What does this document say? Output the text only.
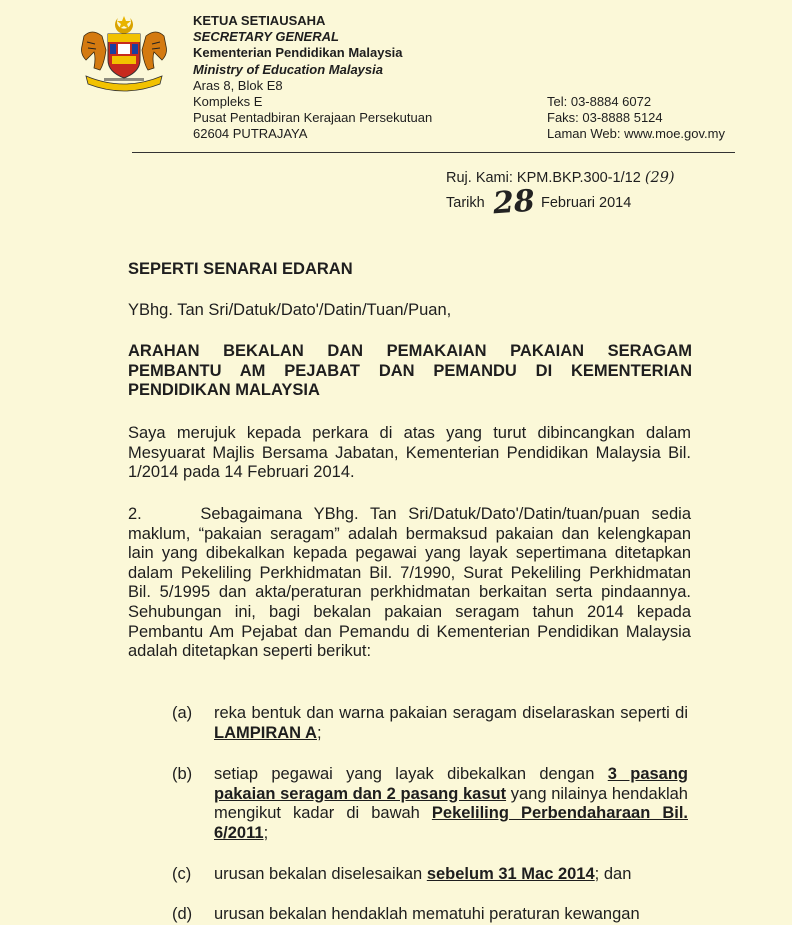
KETUA SETIAUSAHA
SECRETARY GENERAL
Kementerian Pendidikan Malaysia
Ministry of Education Malaysia
Aras 8, Blok E8
Kompleks E
Pusat Pentadbiran Kerajaan Persekutuan
62604 PUTRAJAYA
Tel: 03-8884 6072
Faks: 03-8888 5124
Laman Web: www.moe.gov.my
Ruj. Kami: KPM.BKP.300-1/12 (29)
Tarikh	Februari 2014
28
SEPERTI SENARAI EDARAN
YBhg. Tan Sri/Datuk/Dato'/Datin/Tuan/Puan,
ARAHAN BEKALAN DAN PEMAKAIAN PAKAIAN SERAGAM PEMBANTU AM PEJABAT DAN PEMANDU DI KEMENTERIAN PENDIDIKAN MALAYSIA
Saya merujuk kepada perkara di atas yang turut dibincangkan dalam Mesyuarat Majlis Bersama Jabatan, Kementerian Pendidikan Malaysia Bil. 1/2014 pada 14 Februari 2014.
2.     Sebagaimana YBhg. Tan Sri/Datuk/Dato'/Datin/tuan/puan sedia maklum, “pakaian seragam” adalah bermaksud pakaian dan kelengkapan lain yang dibekalkan kepada pegawai yang layak sepertimana ditetapkan dalam Pekeliling Perkhidmatan Bil. 7/1990, Surat Pekeliling Perkhidmatan Bil. 5/1995 dan akta/peraturan perkhidmatan berkaitan serta pindaannya. Sehubungan ini, bagi bekalan pakaian seragam tahun 2014 kepada Pembantu Am Pejabat dan Pemandu di Kementerian Pendidikan Malaysia adalah ditetapkan seperti berikut:
(a)	reka bentuk dan warna pakaian seragam diselaraskan seperti di LAMPIRAN A;
(b)	setiap pegawai yang layak dibekalkan dengan 3 pasang pakaian seragam dan 2 pasang kasut yang nilainya hendaklah mengikut kadar di bawah Pekeliling Perbendaharaan Bil. 6/2011;
(c)	urusan bekalan diselesaikan sebelum 31 Mac 2014; dan
(d)	urusan bekalan hendaklah mematuhi peraturan kewangan
